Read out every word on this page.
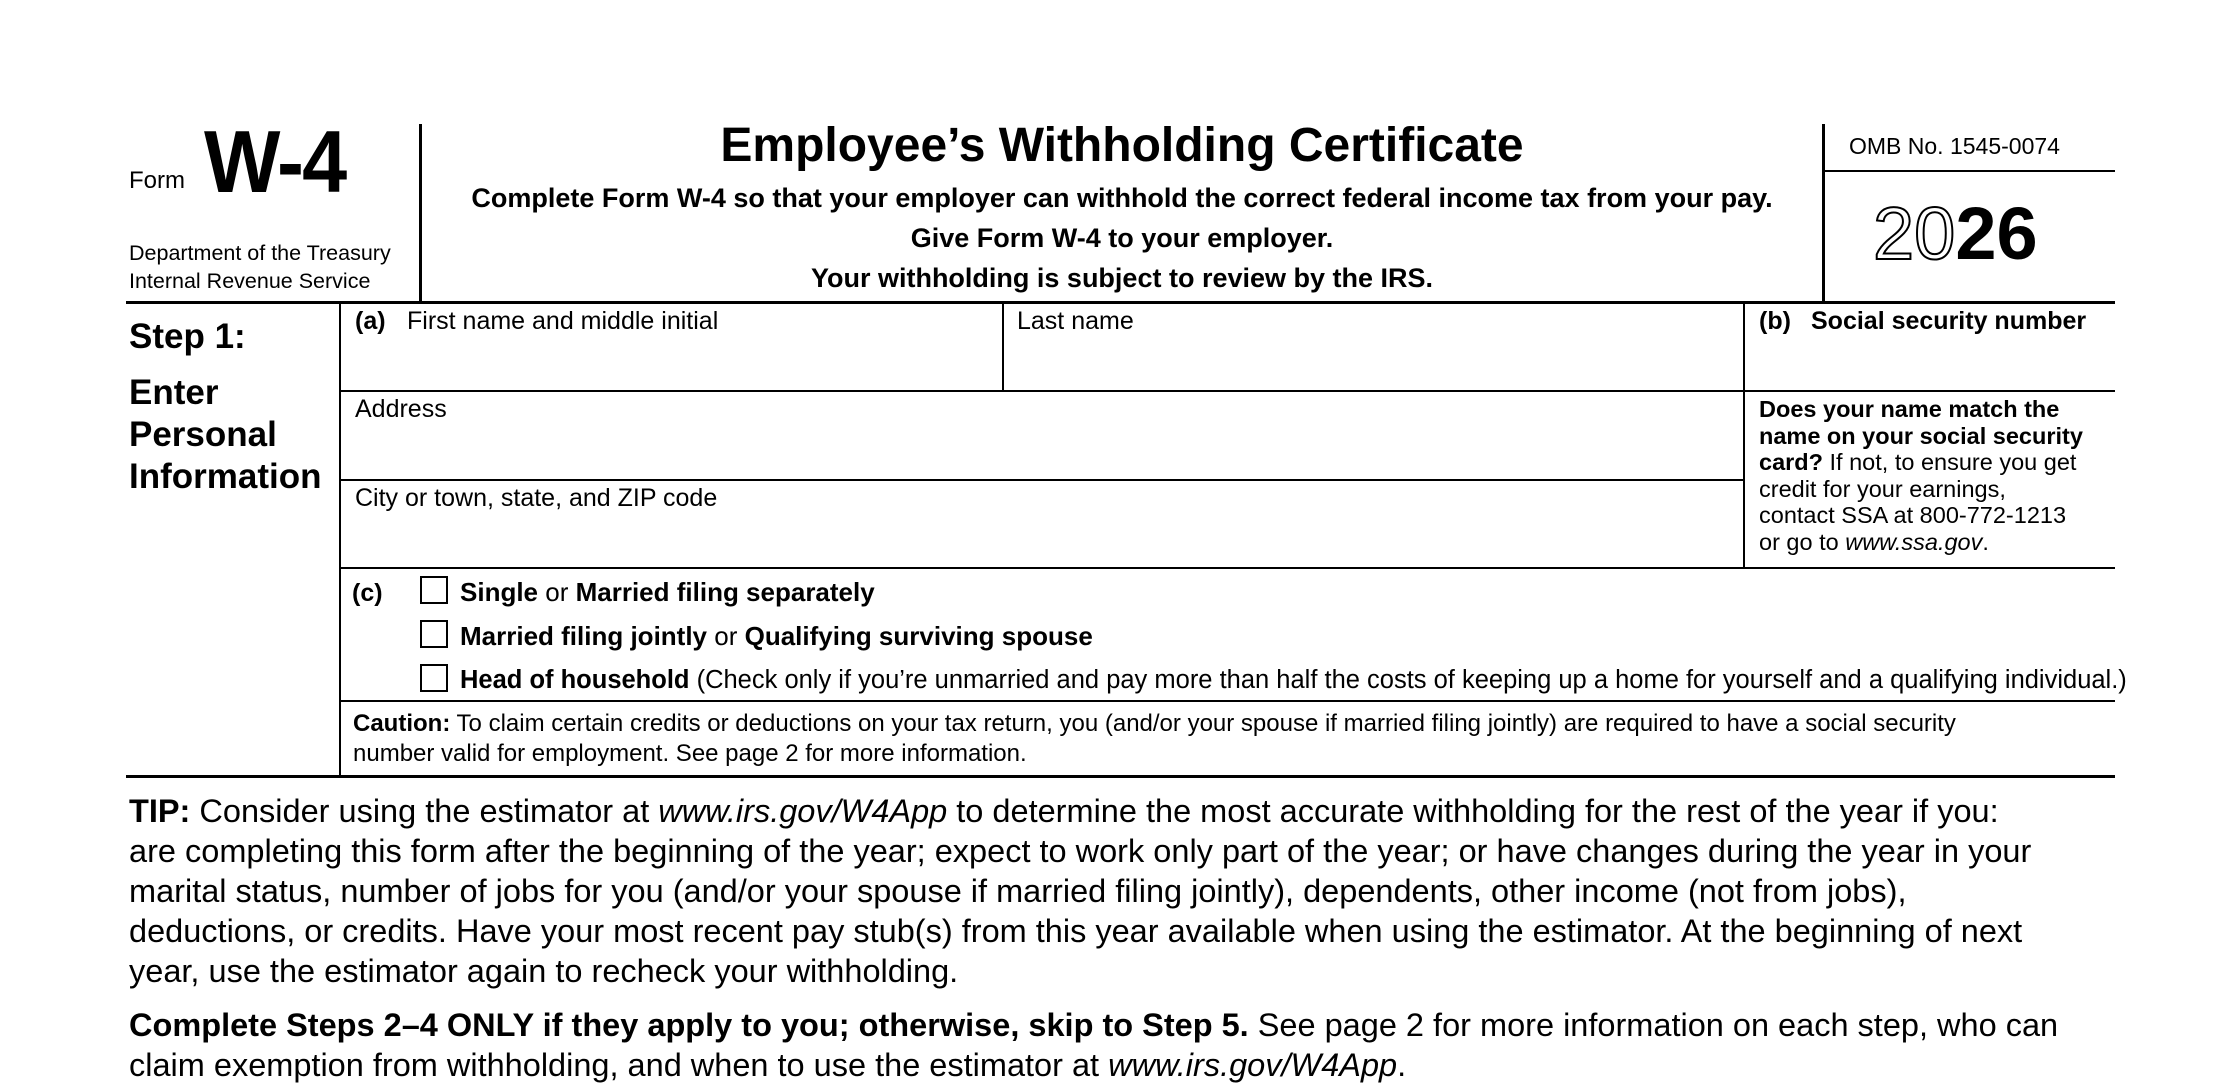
Form W-4
Department of the Treasury
Internal Revenue Service
Employee’s Withholding Certificate
Complete Form W-4 so that your employer can withhold the correct federal income tax from your pay.
Give Form W-4 to your employer.
Your withholding is subject to review by the IRS.
OMB No. 1545-0074
2026
Step 1:
Enter
Personal
Information
(a) First name and middle initial	Last name	(b) Social security number
Address
City or town, state, and ZIP code
Does your name match the
name on your social security
card? If not, to ensure you get
credit for your earnings,
contact SSA at 800-772-1213
or go to www.ssa.gov.
(c)	Single or Married filing separately
Married filing jointly or Qualifying surviving spouse
Head of household (Check only if you’re unmarried and pay more than half the costs of keeping up a home for yourself and a qualifying individual.)
Caution: To claim certain credits or deductions on your tax return, you (and/or your spouse if married filing jointly) are required to have a social security
number valid for employment. See page 2 for more information.

TIP: Consider using the estimator at www.irs.gov/W4App to determine the most accurate withholding for the rest of the year if you:

are completing this form after the beginning of the year; expect to work only part of the year; or have changes during the year in your

marital status, number of jobs for you (and/or your spouse if married filing jointly), dependents, other income (not from jobs),

deductions, or credits. Have your most recent pay stub(s) from this year available when using the estimator. At the beginning of next

year, use the estimator again to recheck your withholding.

Complete Steps 2–4 ONLY if they apply to you; otherwise, skip to Step 5. See page 2 for more information on each step, who can

claim exemption from withholding, and when to use the estimator at www.irs.gov/W4App.
